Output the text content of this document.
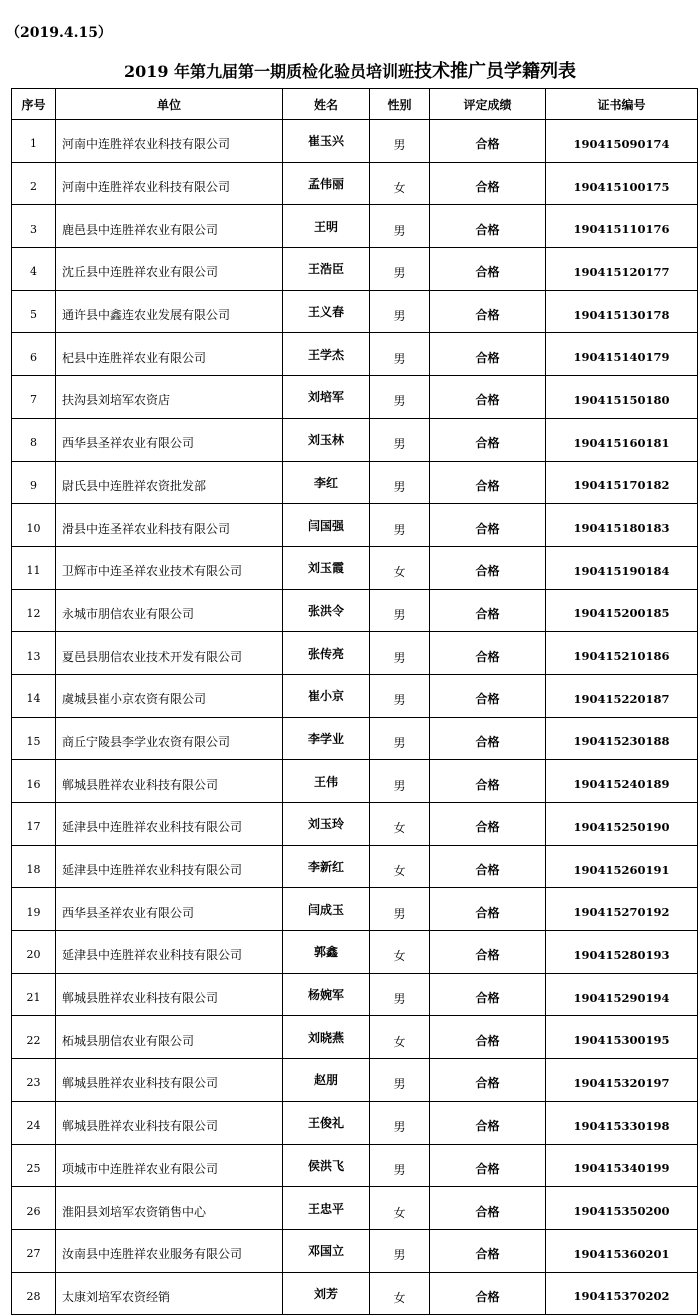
（2019.4.15）
2019 年第九届第一期质检化验员培训班技术推广员学籍列表
序号	单位	姓名	性别	评定成绩	证书编号
1	河南中连胜祥农业科技有限公司	崔玉兴	男	合格	190415090174
2	河南中连胜祥农业科技有限公司	孟伟丽	女	合格	190415100175
3	鹿邑县中连胜祥农业有限公司	王明	男	合格	190415110176
4	沈丘县中连胜祥农业有限公司	王浩臣	男	合格	190415120177
5	通许县中鑫连农业发展有限公司	王义春	男	合格	190415130178
6	杞县中连胜祥农业有限公司	王学杰	男	合格	190415140179
7	扶沟县刘培军农资店	刘培军	男	合格	190415150180
8	西华县圣祥农业有限公司	刘玉林	男	合格	190415160181
9	尉氏县中连胜祥农资批发部	李红	男	合格	190415170182
10	滑县中连圣祥农业科技有限公司	闫国强	男	合格	190415180183
11	卫辉市中连圣祥农业技术有限公司	刘玉霞	女	合格	190415190184
12	永城市朋信农业有限公司	张洪令	男	合格	190415200185
13	夏邑县朋信农业技术开发有限公司	张传亮	男	合格	190415210186
14	虞城县崔小京农资有限公司	崔小京	男	合格	190415220187
15	商丘宁陵县李学业农资有限公司	李学业	男	合格	190415230188
16	郸城县胜祥农业科技有限公司	王伟	男	合格	190415240189
17	延津县中连胜祥农业科技有限公司	刘玉玲	女	合格	190415250190
18	延津县中连胜祥农业科技有限公司	李新红	女	合格	190415260191
19	西华县圣祥农业有限公司	闫成玉	男	合格	190415270192
20	延津县中连胜祥农业科技有限公司	郭鑫	女	合格	190415280193
21	郸城县胜祥农业科技有限公司	杨婉军	男	合格	190415290194
22	柘城县朋信农业有限公司	刘晓燕	女	合格	190415300195
23	郸城县胜祥农业科技有限公司	赵朋	男	合格	190415320197
24	郸城县胜祥农业科技有限公司	王俊礼	男	合格	190415330198
25	项城市中连胜祥农业有限公司	侯洪飞	男	合格	190415340199
26	淮阳县刘培军农资销售中心	王忠平	女	合格	190415350200
27	汝南县中连胜祥农业服务有限公司	邓国立	男	合格	190415360201
28	太康刘培军农资经销	刘芳	女	合格	190415370202
